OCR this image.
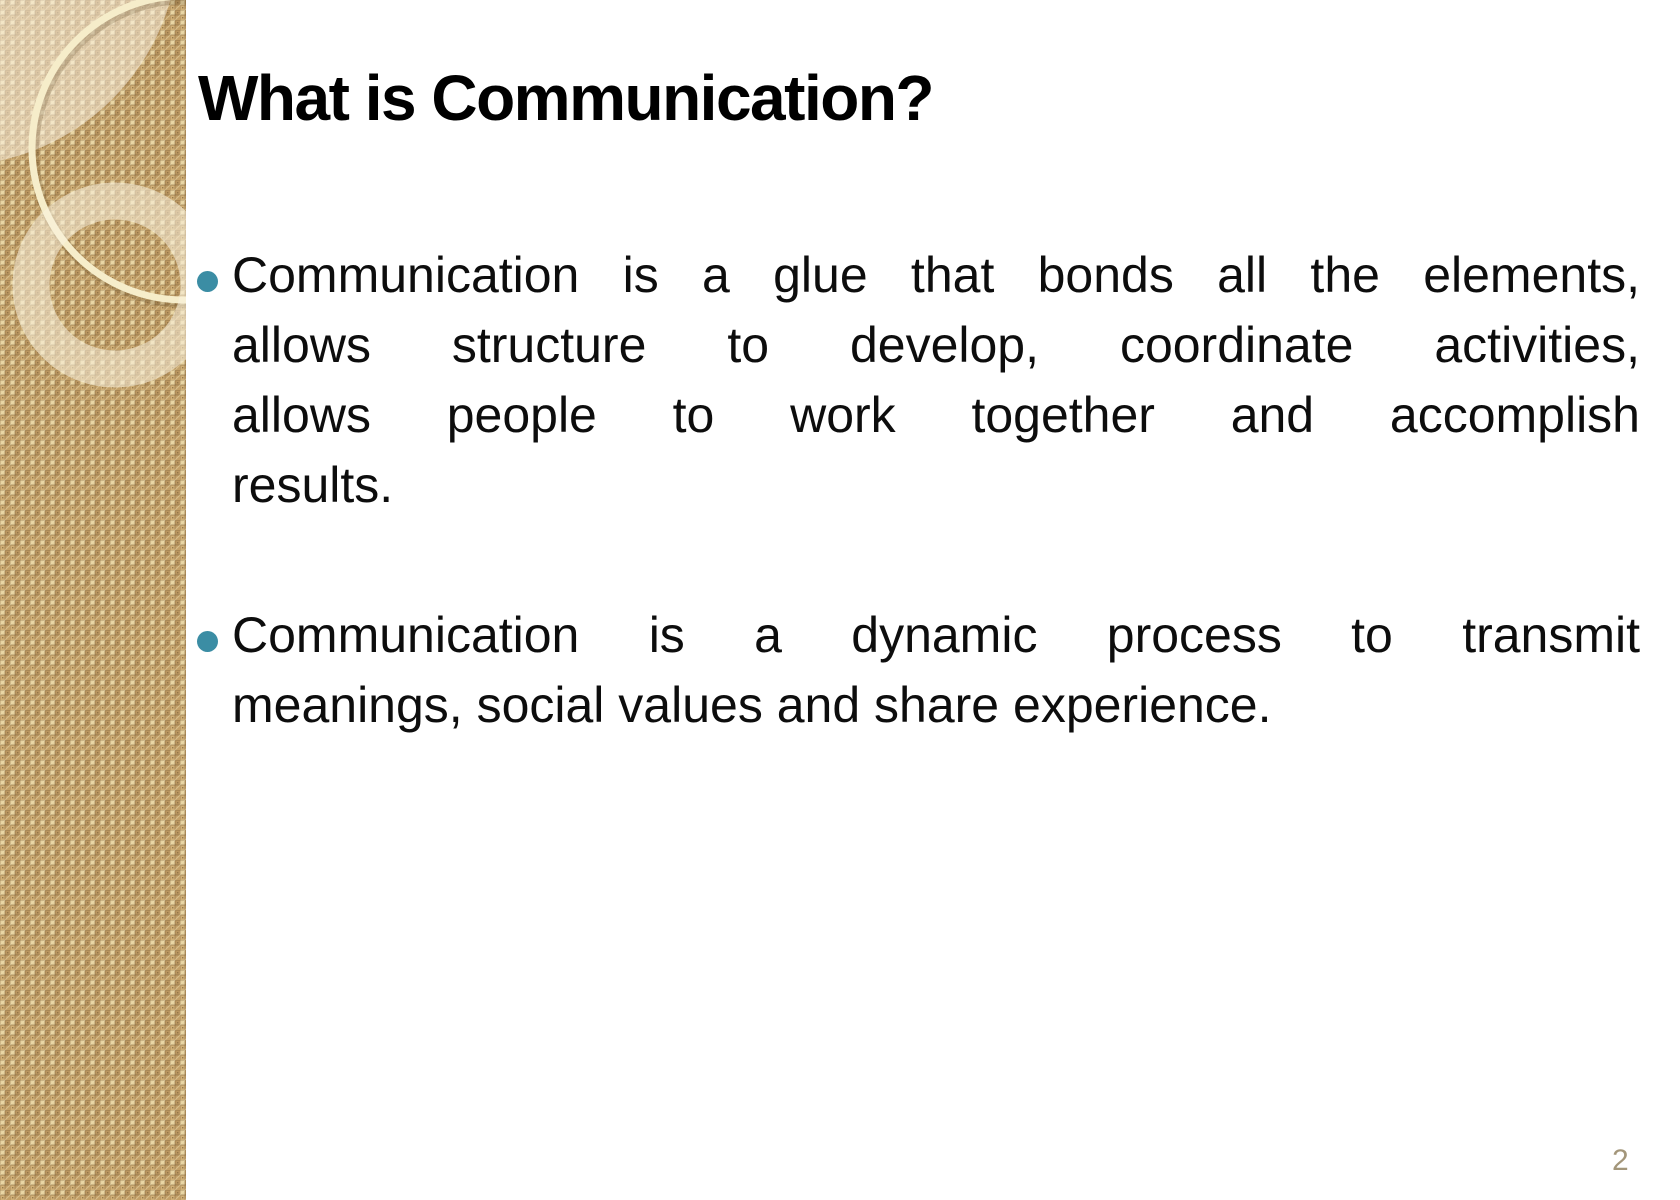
What is Communication?
Communication is a glue that bonds all the elements,
allows structure to develop, coordinate activities,
allows people to work together and accomplish
results.
Communication is a dynamic process to transmit
meanings, social values and share experience.
2
